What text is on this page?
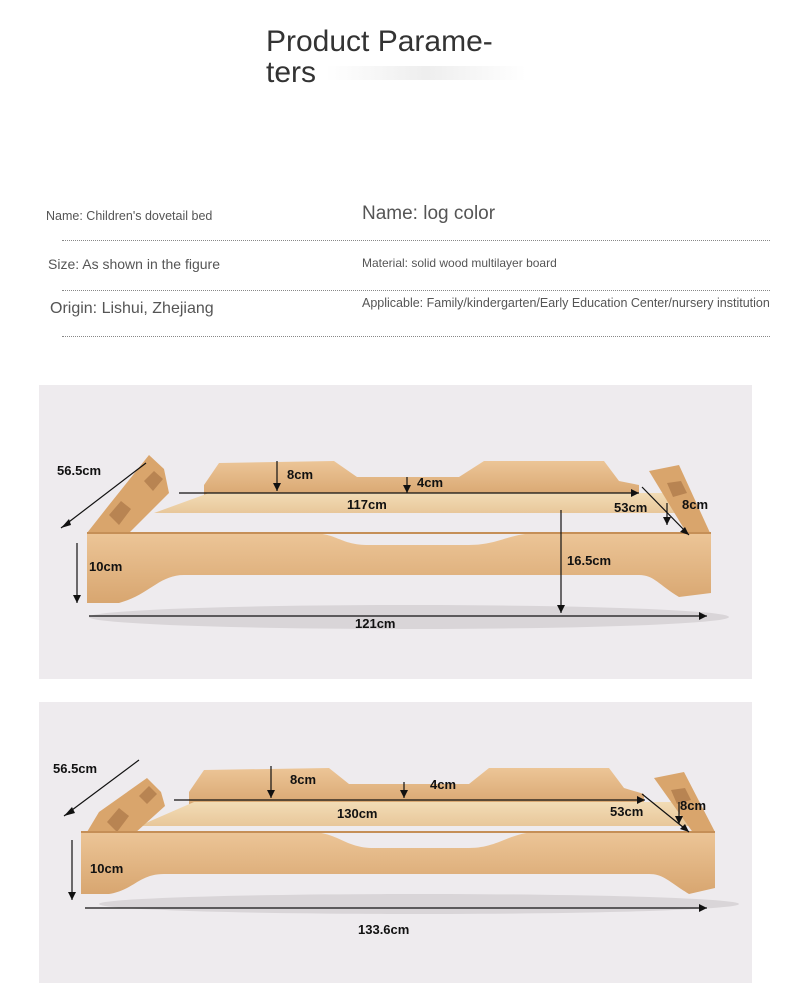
Product Parame-
ters
Name: Children's dovetail bed	Name: log color
Size: As shown in the figure	Material: solid wood multilayer board
Origin: Lishui, Zhejiang	Applicable: Family/kindergarten/Early Education Center/nursery institution
56.5cm	8cm
4cm
117cm	53cm	8cm
10cm	16.5cm
121cm
56.5cm
8cm	4cm
130cm	53cm	8cm
10cm
133.6cm
